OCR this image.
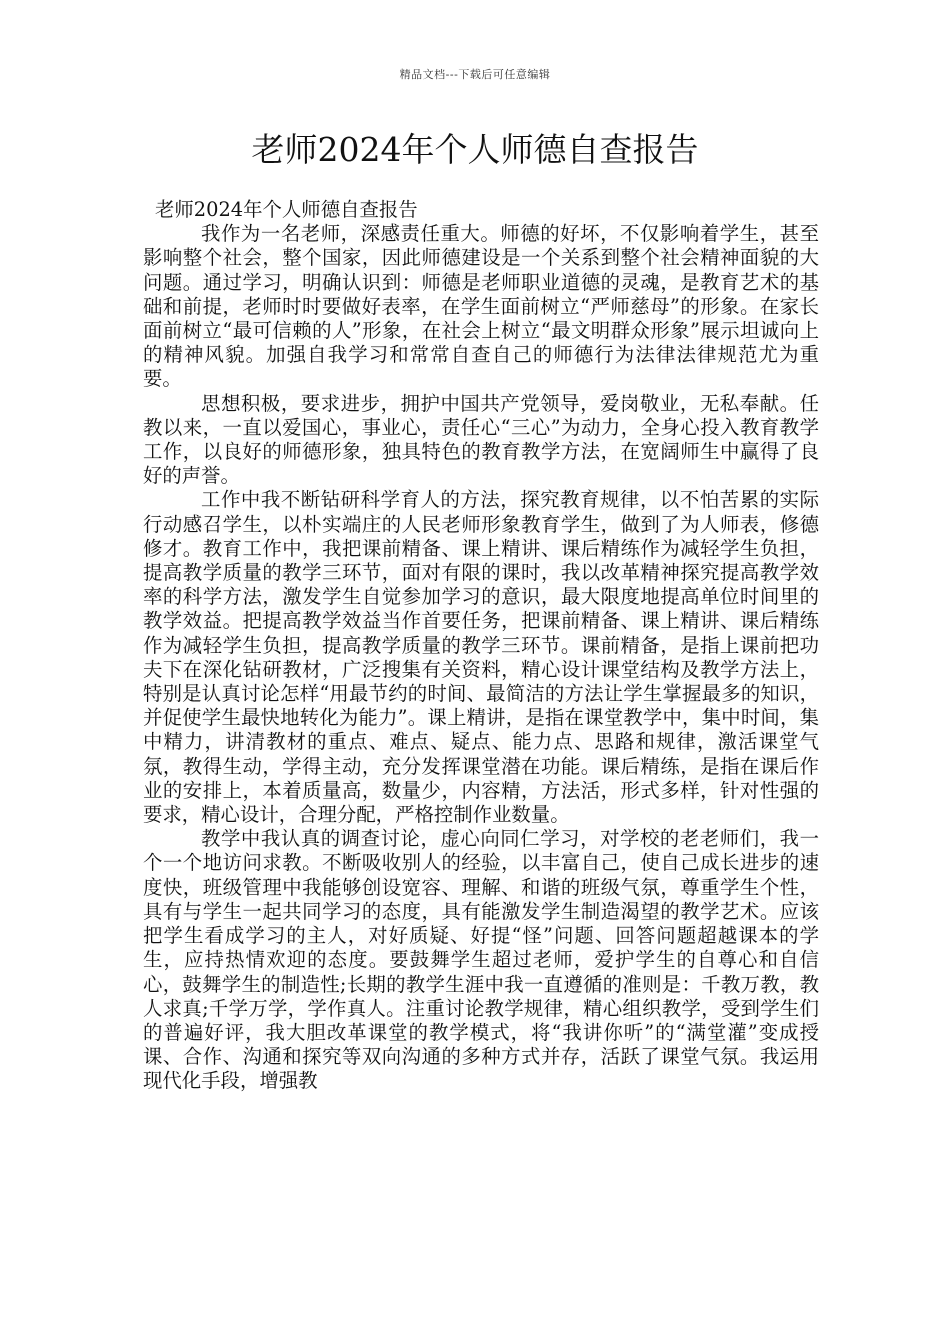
精品文档---下载后可任意编辑
老师2024年个人师德自查报告

老师2024年个人师德自查报告

我作为一名老师，深感责任重大。师德的好坏，不仅影响着学生，甚至影响整个社会，整个国家，因此师德建设是一个关系到整个社会精神面貌的大问题。通过学习，明确认识到：师德是老师职业道德的灵魂，是教育艺术的基础和前提，老师时时要做好表率，在学生面前树立“严师慈母”的形象。在家长面前树立“最可信赖的人”形象，在社会上树立“最文明群众形象”展示坦诚向上的精神风貌。加强自我学习和常常自查自己的师德行为法律法律规范尤为重要。

思想积极，要求进步，拥护中国共产党领导，爱岗敬业，无私奉献。任教以来，一直以爱国心，事业心，责任心“三心”为动力，全身心投入教育教学工作，以良好的师德形象，独具特色的教育教学方法，在宽阔师生中赢得了良好的声誉。

工作中我不断钻研科学育人的方法，探究教育规律，以不怕苦累的实际行动感召学生，以朴实端庄的人民老师形象教育学生，做到了为人师表，修德修才。教育工作中，我把课前精备、课上精讲、课后精练作为减轻学生负担，提高教学质量的教学三环节，面对有限的课时，我以改革精神探究提高教学效率的科学方法，激发学生自觉参加学习的意识，最大限度地提高单位时间里的教学效益。把提高教学效益当作首要任务，把课前精备、课上精讲、课后精练作为减轻学生负担，提高教学质量的教学三环节。课前精备，是指上课前把功夫下在深化钻研教材，广泛搜集有关资料，精心设计课堂结构及教学方法上，特别是认真讨论怎样“用最节约的时间、最简洁的方法让学生掌握最多的知识，并促使学生最快地转化为能力”。课上精讲，是指在课堂教学中，集中时间，集中精力，讲清教材的重点、难点、疑点、能力点、思路和规律，激活课堂气氛，教得生动，学得主动，充分发挥课堂潜在功能。课后精练，是指在课后作业的安排上，本着质量高，数量少，内容精，方法活，形式多样，针对性强的要求，精心设计，合理分配，严格控制作业数量。

教学中我认真的调查讨论，虚心向同仁学习，对学校的老老师们，我一个一个地访问求教。不断吸收别人的经验，以丰富自己，使自己成长进步的速度快，班级管理中我能够创设宽容、理解、和谐的班级气氛，尊重学生个性，具有与学生一起共同学习的态度，具有能激发学生制造渴望的教学艺术。应该把学生看成学习的主人，对好质疑、好提“怪”问题、回答问题超越课本的学生，应持热情欢迎的态度。要鼓舞学生超过老师，爱护学生的自尊心和自信心，鼓舞学生的制造性;长期的教学生涯中我一直遵循的准则是：千教万教，教人求真;千学万学，学作真人。注重讨论教学规律，精心组织教学，受到学生们的普遍好评，我大胆改革课堂的教学模式，将“我讲你听”的“满堂灌”变成授课、合作、沟通和探究等双向沟通的多种方式并存，活跃了课堂气氛。我运用现代化手段，增强教
